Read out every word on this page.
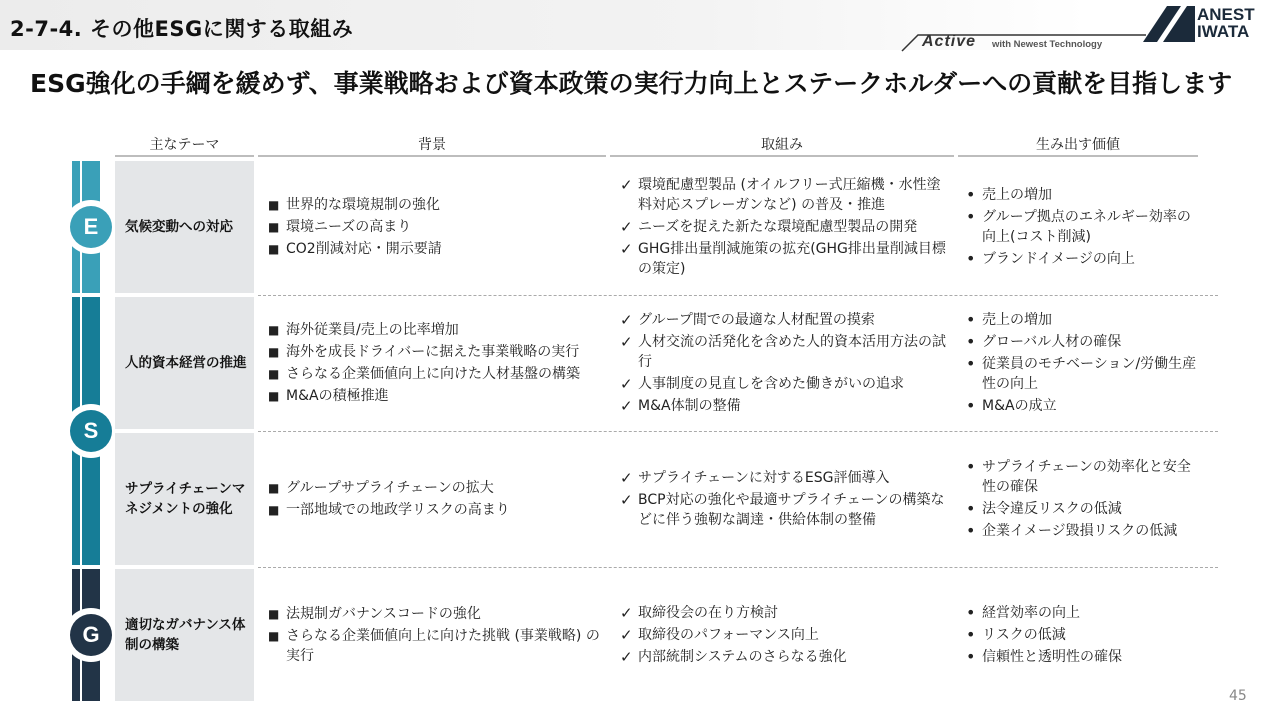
2-7-4. その他ESGに関する取組み
Active with Newest Technology
ANEST
IWATA
ESG強化の手綱を緩めず、事業戦略および資本政策の実行力向上とステークホルダーへの貢献を目指します
主なテーマ	背景	取組み	生み出す価値
E
S
G
気候変動への対応
■ 世界的な環境規制の強化
■ 環境ニーズの高まり
■ CO2削減対応・開示要請
✓ 環境配慮型製品 (オイルフリー式圧縮機・水性塗料対応スプレーガンなど) の普及・推進
✓ ニーズを捉えた新たな環境配慮型製品の開発
✓ GHG排出量削減施策の拡充(GHG排出量削減目標の策定)
• 売上の増加
• グループ拠点のエネルギー効率の向上(コスト削減)
• ブランドイメージの向上
人的資本経営の推進
■ 海外従業員/売上の比率増加
■ 海外を成長ドライバーに据えた事業戦略の実行
■ さらなる企業価値向上に向けた人材基盤の構築
■ M&Aの積極推進
✓ グループ間での最適な人材配置の摸索
✓ 人材交流の活発化を含めた人的資本活用方法の試行
✓ 人事制度の見直しを含めた働きがいの追求
✓ M&A体制の整備
• 売上の増加
• グローバル人材の確保
• 従業員のモチベーション/労働生産性の向上
• M&Aの成立
サプライチェーンマネジメントの強化
■ グループサプライチェーンの拡大
■ 一部地域での地政学リスクの高まり
✓ サプライチェーンに対するESG評価導入
✓ BCP対応の強化や最適サプライチェーンの構築などに伴う強靭な調達・供給体制の整備
• サプライチェーンの効率化と安全性の確保
• 法令違反リスクの低減
• 企業イメージ毀損リスクの低減
適切なガバナンス体制の構築
■ 法規制ガバナンスコードの強化
■ さらなる企業価値向上に向けた挑戦 (事業戦略) の実行
✓ 取締役会の在り方検討
✓ 取締役のパフォーマンス向上
✓ 内部統制システムのさらなる強化
• 経営効率の向上
• リスクの低減
• 信頼性と透明性の確保
45
